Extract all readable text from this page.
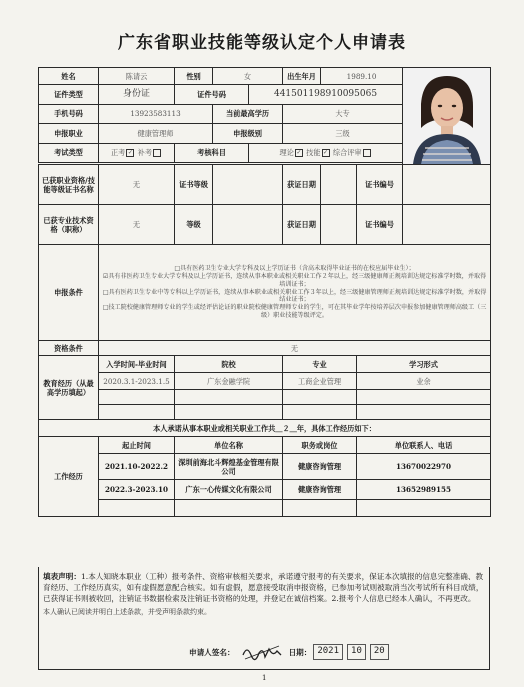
广东省职业技能等级认定个人申请表
姓名	陈请云	性别	女		出生年月	1989.10	

证件类型	身份证	证件号码		441501198910095065				
手机号码	13923583113		当前最高学历		大专			
申报职业	健康管理师		申报级别		三级			
考试类型	正考 ✓ 补考	考核科目		理论 ✓ 技能 ✓ 综合评审				

已获职业资格/技能等级证书名称	无	证书等级			获证日期		证书编号	
已获专业技术资格（职称）	无	等级			获证日期		证书编号	
申报条件	□具有医药卫生专业大学专科及以上学历证书（含高未取得毕业证书的在校应届毕业生）；
☑具有非医药卫生专业大学专科及以上学历证书，连续从事本职业或相关职业工作２年以上，经三级健康师正规培训达规定标准学时数，并取得培训证书；
□具有医药卫生专业中等专科以上学历证书，连续从事本职业或相关职业工作３年以上，经三级健康管理师正规培训达规定标准学时数，并取得结业证书；
□技工院校健康管理师专业的学生或经评估论证的职业院校健康管理师专业的学生，可在其毕业学年按培养层次申报参加健康管理师高级工（三级）职业技能等级评定。							

资格条件	无							
教育经历（从最高学历填起）	入学时间-毕业时间	院校			专业		学习形式	
	2020.3.1-2023.1.5	广东金融学院			工商企业管理		业余	

本人承诺从事本职业或相关职业工作共＿２＿年，具体工作经历如下：								
工作经历	起止时间	单位名称			职务或岗位		单位联系人、电话	
	2021.10-2022.2	深圳前海北斗辉煌基金管理有限公司			健康咨询管理		13670022970	
	2022.3-2023.10	广东一心传媒文化有限公司			健康咨询管理		13652989155	

填表声明：1.本人知晓本职业（工种）报考条件、资格审核相关要求，承诺遵守报考的有关要求，保证本次填报的信息完整准确、教育经历、工作经历真实，如有虚假愿意配合核实。如有虚假，愿意接受取消申报资格，已参加考试则被取消当次考试所有科目成绩，已获得证书则被收回，注销证书数据检索及注销证书资格的处理，并登记在诚信档案。2.报考个人信息已经本人确认，不再更改。
本人确认已阅读并明白上述条款，并受声明条款约束。
申请人签名：	日期： 2021	10	20
1
